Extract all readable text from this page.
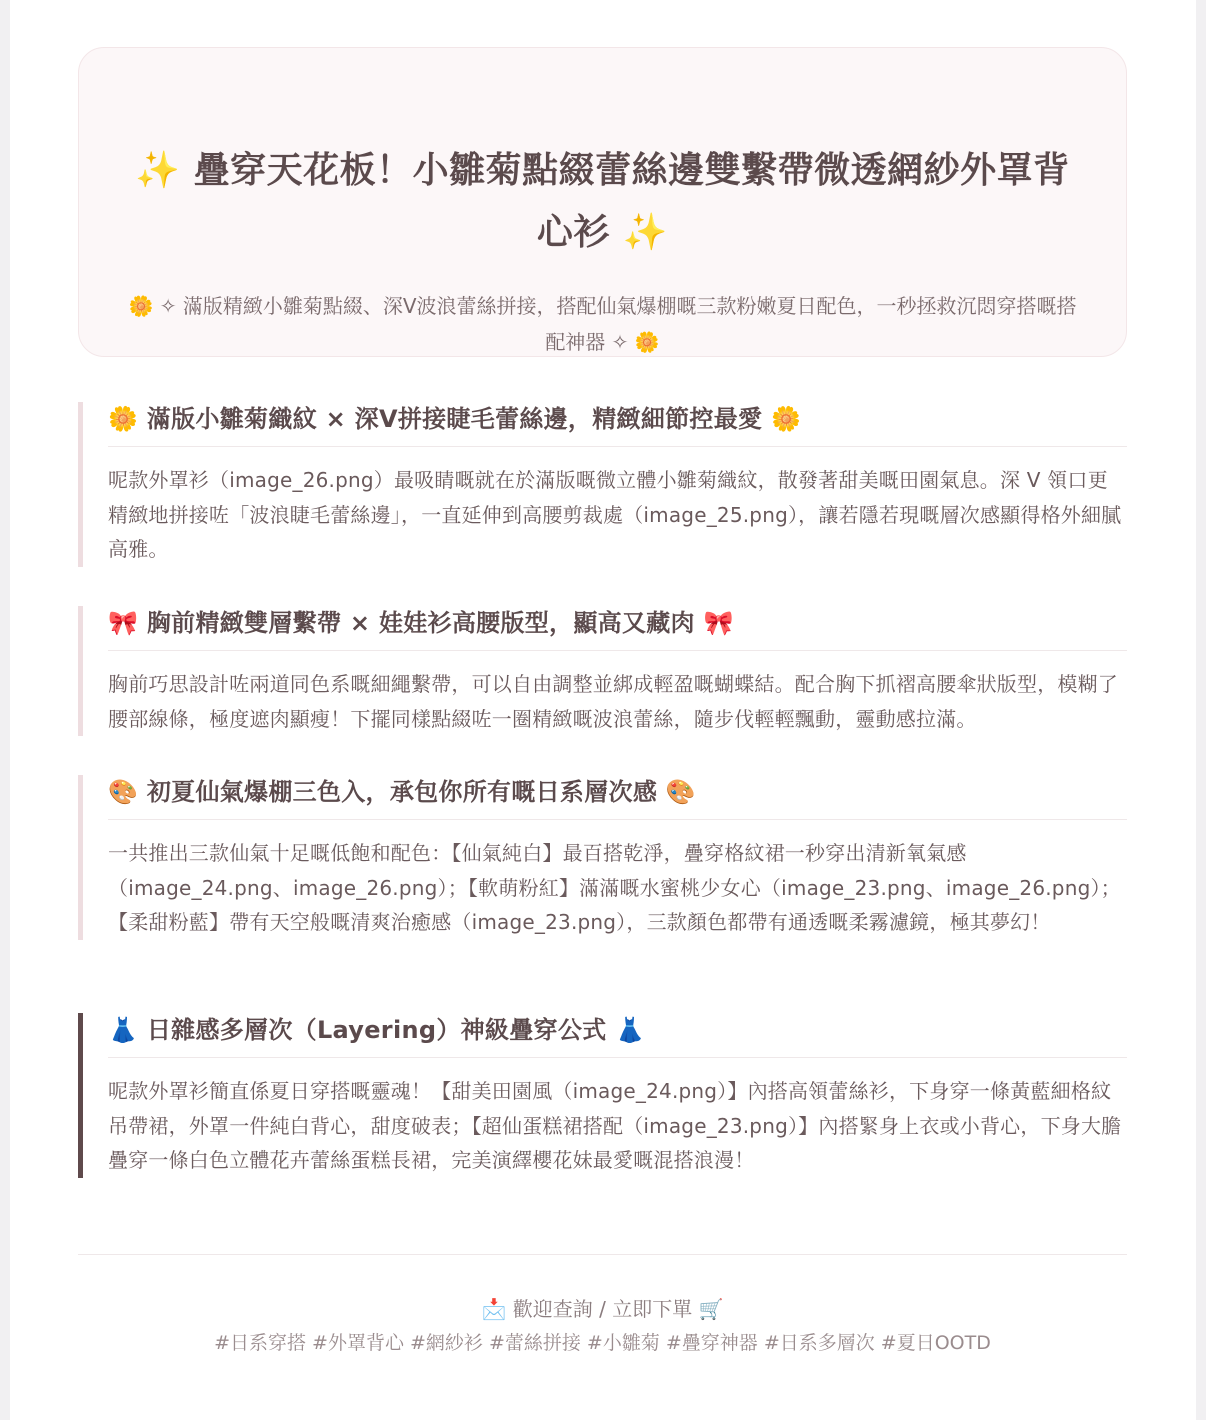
✨ 疊穿天花板！小雛菊點綴蕾絲邊雙繫帶微透網紗外罩背心衫 ✨
🌼 ✧ 滿版精緻小雛菊點綴、深V波浪蕾絲拼接，搭配仙氣爆棚嘅三款粉嫩夏日配色，一秒拯救沉悶穿搭嘅搭配神器 ✧ 🌼
🌼 滿版小雛菊織紋 × 深V拼接睫毛蕾絲邊，精緻細節控最愛 🌼

呢款外罩衫（image_26.png）最吸睛嘅就在於滿版嘅微立體小雛菊織紋，散發著甜美嘅田園氣息。深 V 領口更精緻地拼接咗「波浪睫毛蕾絲邊」，一直延伸到高腰剪裁處（image_25.png），讓若隱若現嘅層次感顯得格外細膩高雅。

🎀 胸前精緻雙層繫帶 × 娃娃衫高腰版型，顯高又藏肉 🎀

胸前巧思設計咗兩道同色系嘅細繩繫帶，可以自由調整並綁成輕盈嘅蝴蝶結。配合胸下抓褶高腰傘狀版型，模糊了腰部線條，極度遮肉顯瘦！下擺同樣點綴咗一圈精緻嘅波浪蕾絲，隨步伐輕輕飄動，靈動感拉滿。

🎨 初夏仙氣爆棚三色入，承包你所有嘅日系層次感 🎨

一共推出三款仙氣十足嘅低飽和配色：【仙氣純白】最百搭乾淨，疊穿格紋裙一秒穿出清新氧氣感（image_24.png、image_26.png）；【軟萌粉紅】滿滿嘅水蜜桃少女心（image_23.png、image_26.png）；【柔甜粉藍】帶有天空般嘅清爽治癒感（image_23.png），三款顏色都帶有通透嘅柔霧濾鏡，極其夢幻！

👗 日雜感多層次（Layering）神級疊穿公式 👗

呢款外罩衫簡直係夏日穿搭嘅靈魂！【甜美田園風（image_24.png）】內搭高領蕾絲衫，下身穿一條黃藍細格紋吊帶裙，外罩一件純白背心，甜度破表；【超仙蛋糕裙搭配（image_23.png）】內搭緊身上衣或小背心，下身大膽疊穿一條白色立體花卉蕾絲蛋糕長裙，完美演繹櫻花妹最愛嘅混搭浪漫！

📩 歡迎查詢 / 立即下單 🛒
#日系穿搭 #外罩背心 #網紗衫 #蕾絲拼接 #小雛菊 #疊穿神器 #日系多層次 #夏日OOTD
